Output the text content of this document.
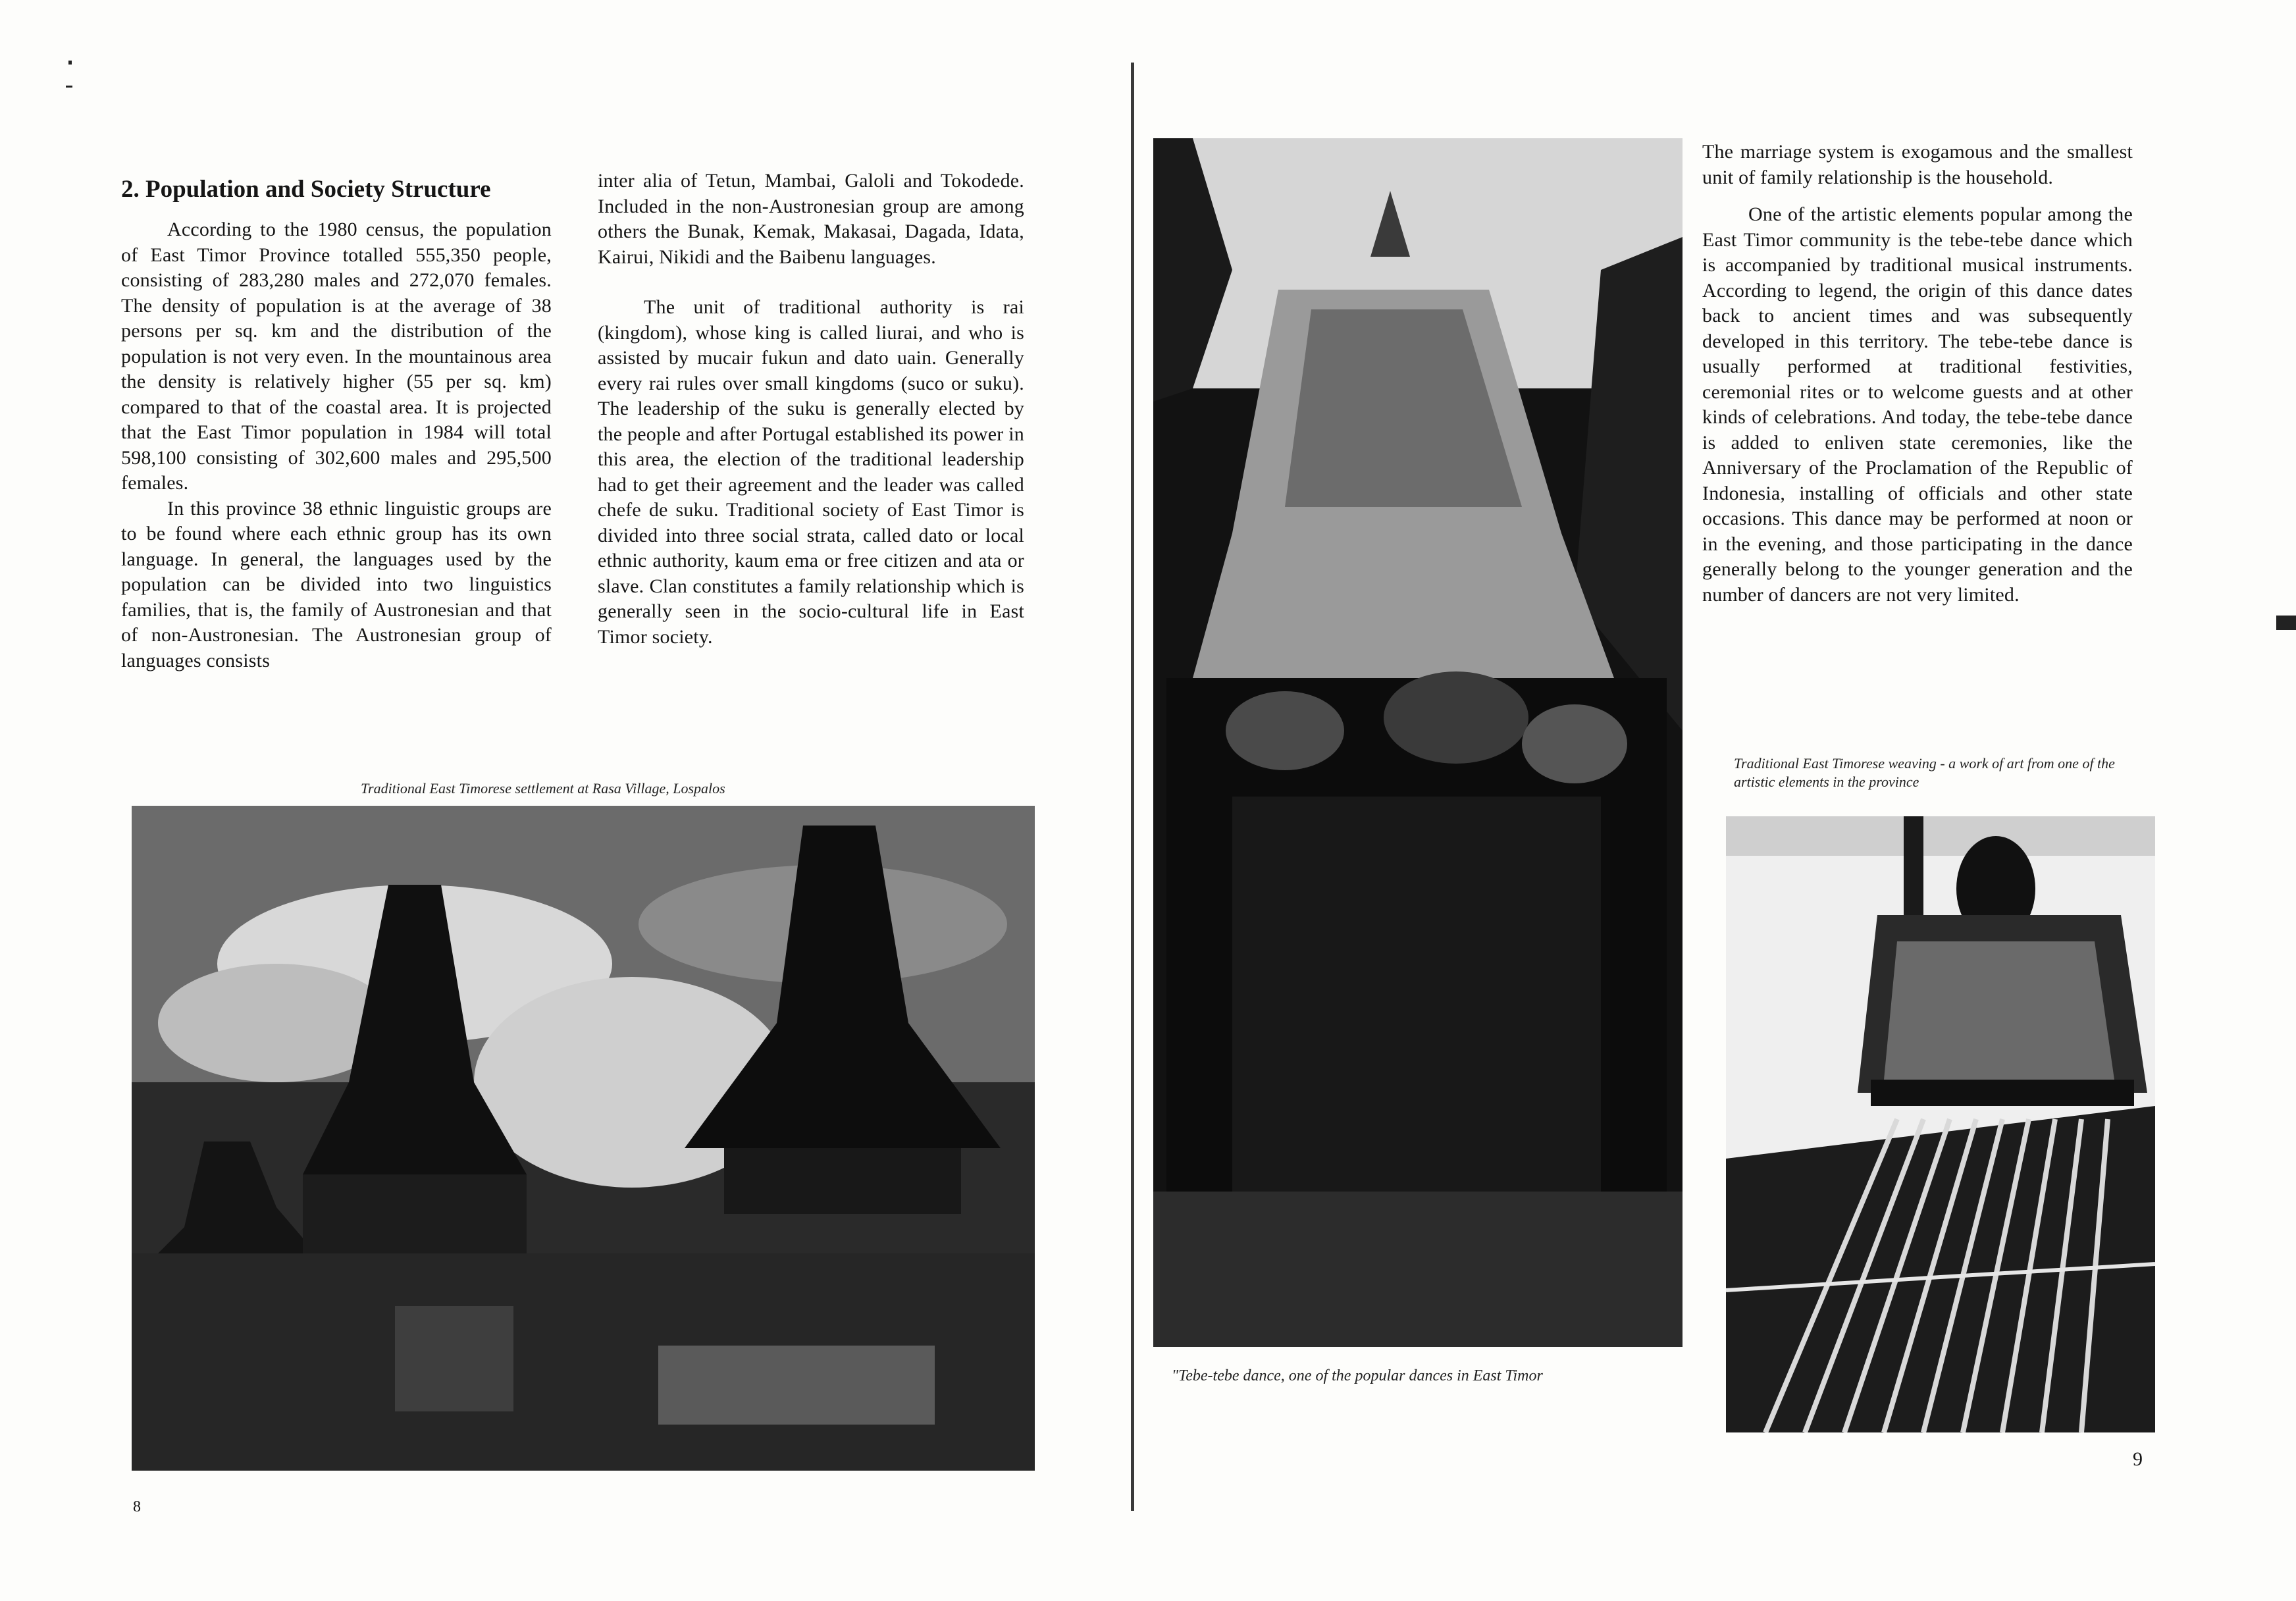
2. Population and Society Structure

According to the 1980 census, the population of East Timor Province totalled 555,350 people, consisting of 283,280 males and 272,070 females. The density of population is at the average of 38 persons per sq. km and the distribution of the population is not very even. In the mountainous area the density is relatively higher (55 per sq. km) compared to that of the coastal area. It is projected that the East Timor population in 1984 will total 598,100 consisting of 302,600 males and 295,500 females.

In this province 38 ethnic linguistic groups are to be found where each ethnic group has its own language. In general, the languages used by the population can be divided into two linguistics families, that is, the family of Austronesian and that of non-Austronesian. The Austronesian group of languages consists

inter alia of Tetun, Mambai, Galoli and Tokodede. Included in the non-Austronesian group are among others the Bunak, Kemak, Makasai, Dagada, Idata, Kairui, Nikidi and the Baibenu languages.

The unit of traditional authority is rai (kingdom), whose king is called liurai, and who is assisted by mucair fukun and dato uain. Generally every rai rules over small kingdoms (suco or suku). The leadership of the suku is generally elected by the people and after Portugal established its power in this area, the election of the traditional leadership had to get their agreement and the leader was called chefe de suku. Traditional society of East Timor is divided into three social strata, called dato or local ethnic authority, kaum ema or free citizen and ata or slave. Clan constitutes a family relationship which is generally seen in the socio-cultural life in East Timor society.

Traditional East Timorese settlement at Rasa Village, Lospalos
8
"Tebe-tebe dance, one of the popular dances in East Timor

The marriage system is exogamous and the smallest unit of family relationship is the household.

One of the artistic elements popular among the East Timor community is the tebe-tebe dance which is accompanied by traditional musical instruments. According to legend, the origin of this dance dates back to ancient times and was subsequently developed in this territory. The tebe-tebe dance is usually performed at traditional festivities, ceremonial rites or to welcome guests and at other kinds of celebrations. And today, the tebe-tebe dance is added to enliven state ceremonies, like the Anniversary of the Proclamation of the Republic of Indonesia, installing of officials and other state occasions. This dance may be performed at noon or in the evening, and those participating in the dance generally belong to the younger generation and the number of dancers are not very limited.

Traditional East Timorese weaving - a work of art from one of the artistic elements in the province
9
